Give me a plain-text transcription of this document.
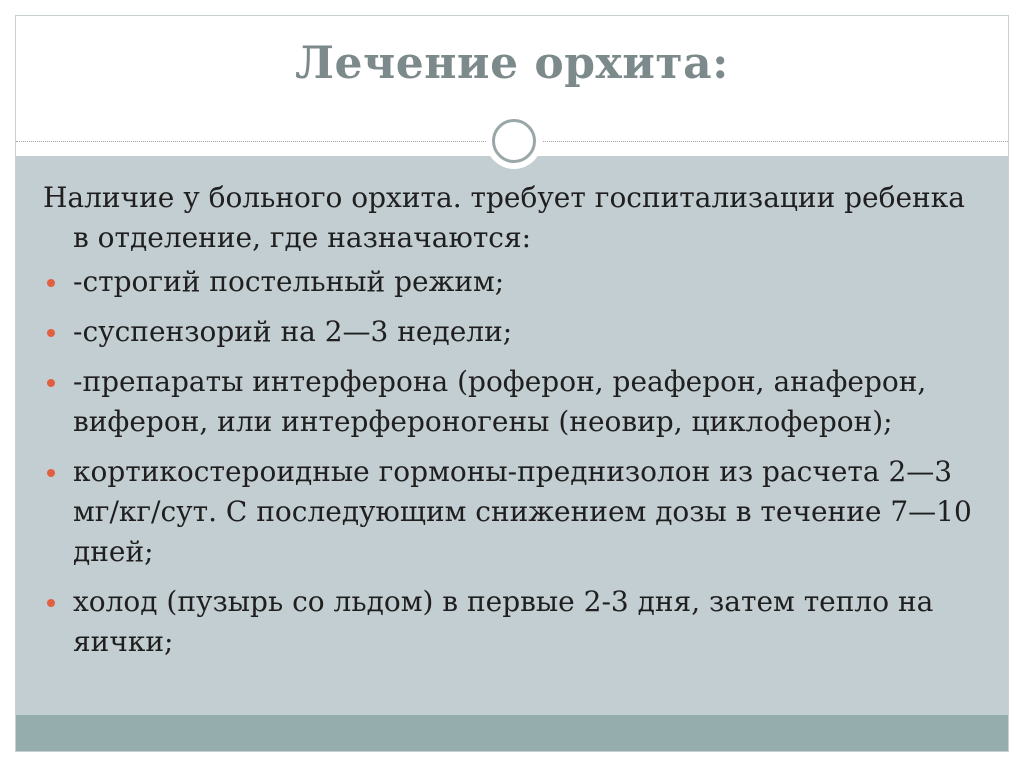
Лечение орхита:

Наличие у больного орхита. требует госпитализации ребенка в отделение, где назначаются:

-строгий постельный режим;
-суспензорий на 2—3 недели;
-препараты интерферона (роферон, реаферон, анаферон, виферон, или интерфероногены (неовир, циклоферон);
кортикостероидные гормоны-преднизолон из расчета 2—3 мг/кг/сут. С последующим снижением дозы в течение 7—10 дней;
холод (пузырь со льдом) в первые 2-3 дня, затем тепло на яички;
